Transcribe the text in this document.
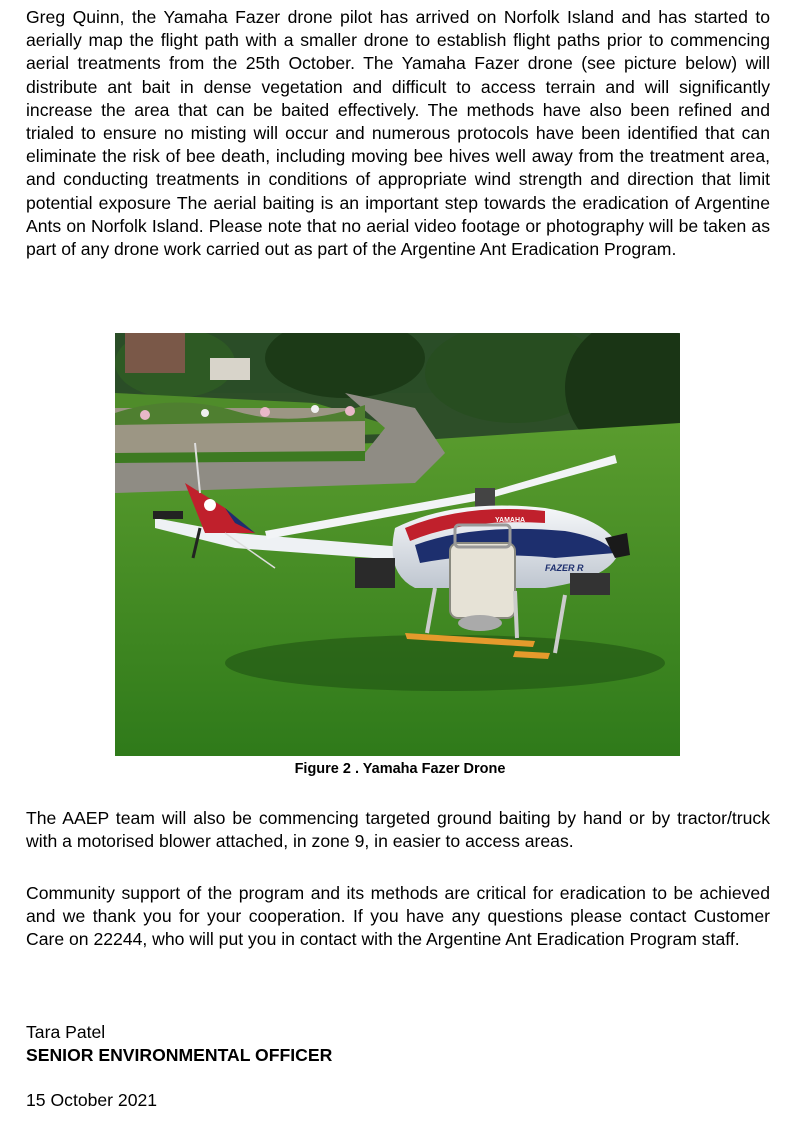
Greg Quinn, the Yamaha Fazer drone pilot has arrived on Norfolk Island and has started to aerially map the flight path with a smaller drone to establish flight paths prior to commencing aerial treatments from the 25th October. The Yamaha Fazer drone (see picture below) will distribute ant bait in dense vegetation and difficult to access terrain and will significantly increase the area that can be baited effectively. The methods have also been refined and trialed to ensure no misting will occur and numerous protocols have been identified that can eliminate the risk of bee death, including moving bee hives well away from the treatment area, and conducting treatments in conditions of appropriate wind strength and direction that limit potential exposure The aerial baiting is an important step towards the eradication of Argentine Ants on Norfolk Island. Please note that no aerial video footage or photography will be taken as part of any drone work carried out as part of the Argentine Ant Eradication Program.

YAMAHA
FAZER R
Figure 2 . Yamaha Fazer Drone

The AAEP team will also be commencing targeted ground baiting by hand or by tractor/truck with a motorised blower attached, in zone 9, in easier to access areas.

Community support of the program and its methods are critical for eradication to be achieved and we thank you for your cooperation. If you have any questions please contact Customer Care on 22244, who will put you in contact with the Argentine Ant Eradication Program staff.

Tara Patel

SENIOR ENVIRONMENTAL OFFICER

15 October 2021
